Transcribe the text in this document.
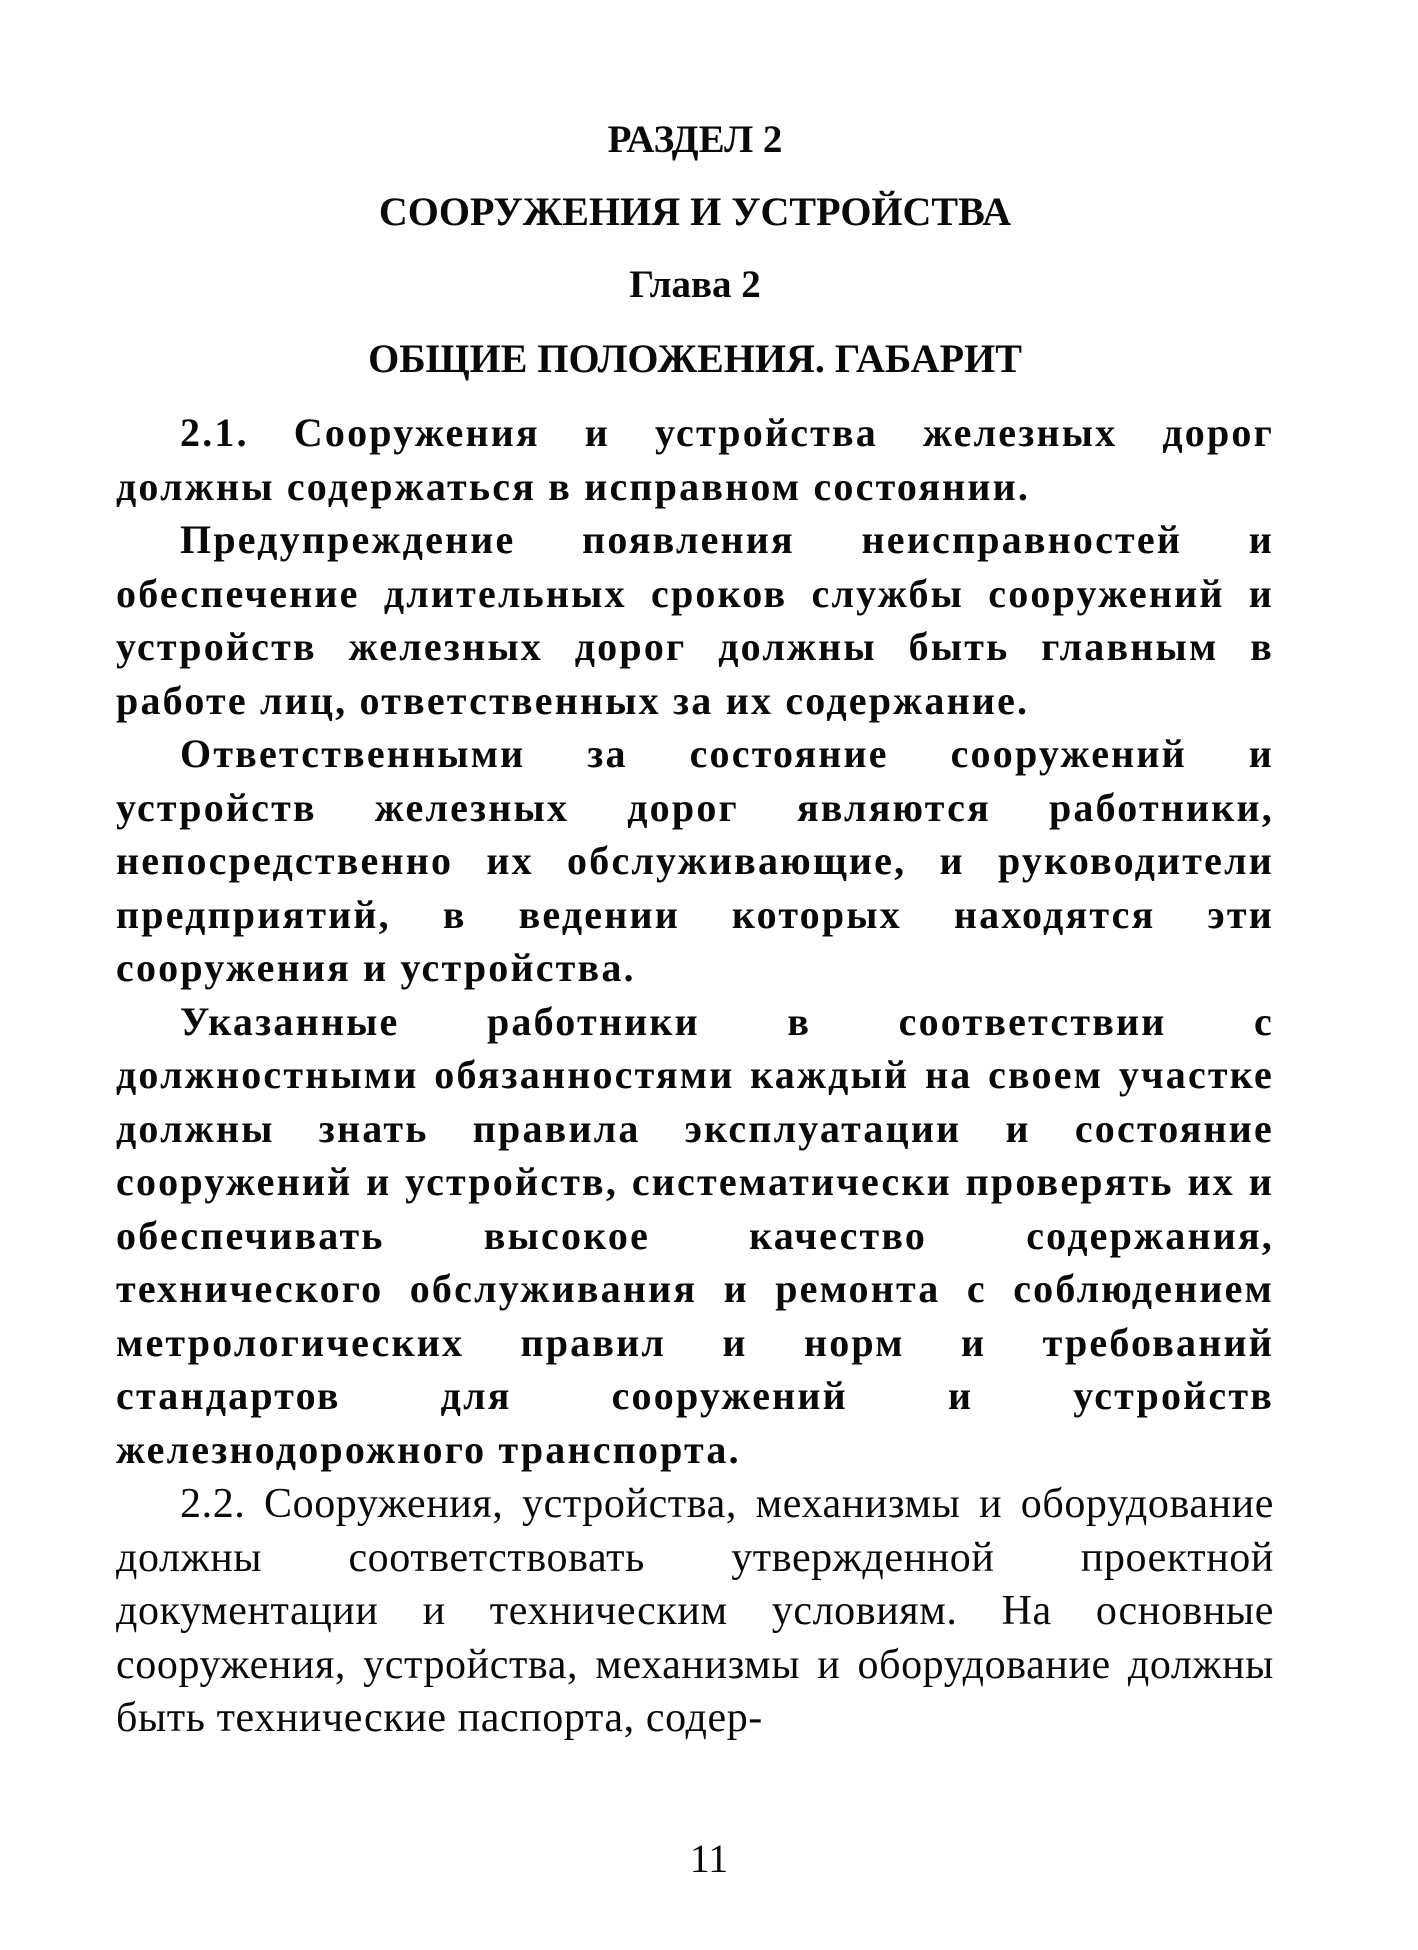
РАЗДЕЛ 2
СООРУЖЕНИЯ И УСТРОЙСТВА
Глава 2
ОБЩИЕ ПОЛОЖЕНИЯ. ГАБАРИТ

2.1. Сооружения и устройства железных дорог должны содержаться в исправном состоянии.

Предупреждение появления неисправностей и обеспечение длительных сроков службы сооружений и устройств железных дорог должны быть главным в работе лиц, ответственных за их содержание.

Ответственными за состояние сооружений и устройств железных дорог являются работники, непосредственно их обслуживающие, и руководители предприятий, в ведении которых находятся эти сооружения и устройства.

Указанные работники в соответствии с должностными обязанностями каждый на своем участке должны знать правила эксплуатации и состояние сооружений и устройств, систематически проверять их и обеспечивать высокое качество содержания, технического обслуживания и ремонта с соблюдением метрологических правил и норм и требований стандартов для сооружений и устройств железнодорожного транспорта.

2.2. Сооружения, устройства, механизмы и оборудование должны соответствовать утвержденной проектной документации и техническим условиям. На основные сооружения, устройства, механизмы и оборудование должны быть технические паспорта, содер-

11
